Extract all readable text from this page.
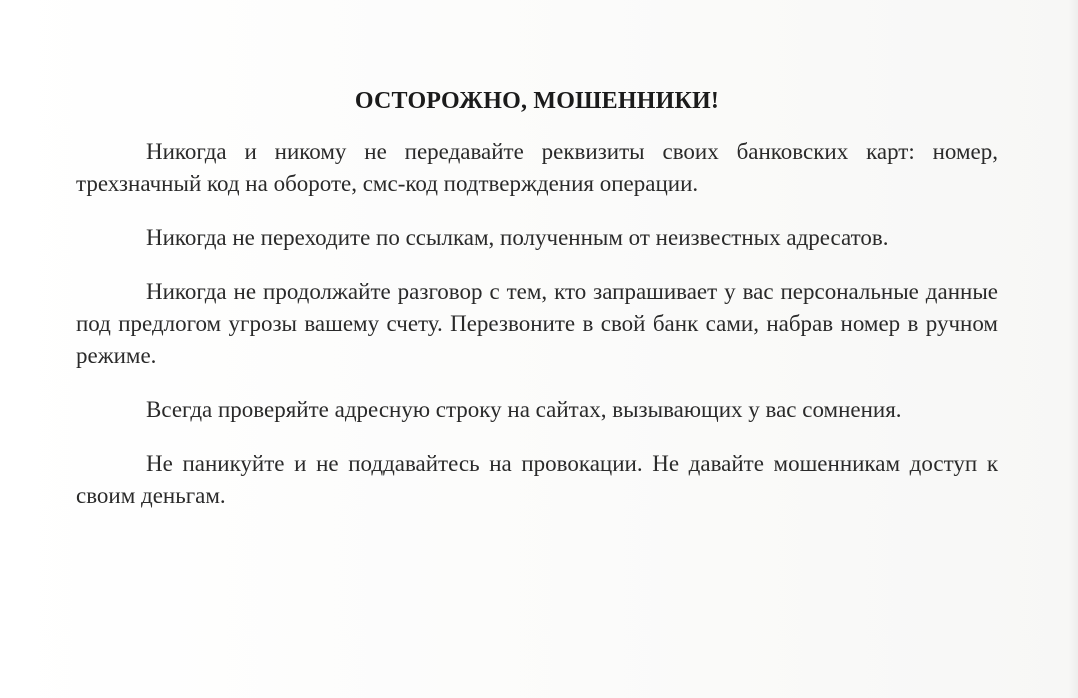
ОСТОРОЖНО, МОШЕННИКИ!

Никогда и никому не передавайте реквизиты своих банковских карт: номер, трехзначный код на обороте, смс-код подтверждения операции.

Никогда не переходите по ссылкам, полученным от неизвестных адресатов.

Никогда не продолжайте разговор с тем, кто запрашивает у вас персональные данные под предлогом угрозы вашему счету. Перезвоните в свой банк сами, набрав номер в ручном режиме.

Всегда проверяйте адресную строку на сайтах, вызывающих у вас сомнения.

Не паникуйте и не поддавайтесь на провокации. Не давайте мошенникам доступ к своим деньгам.
